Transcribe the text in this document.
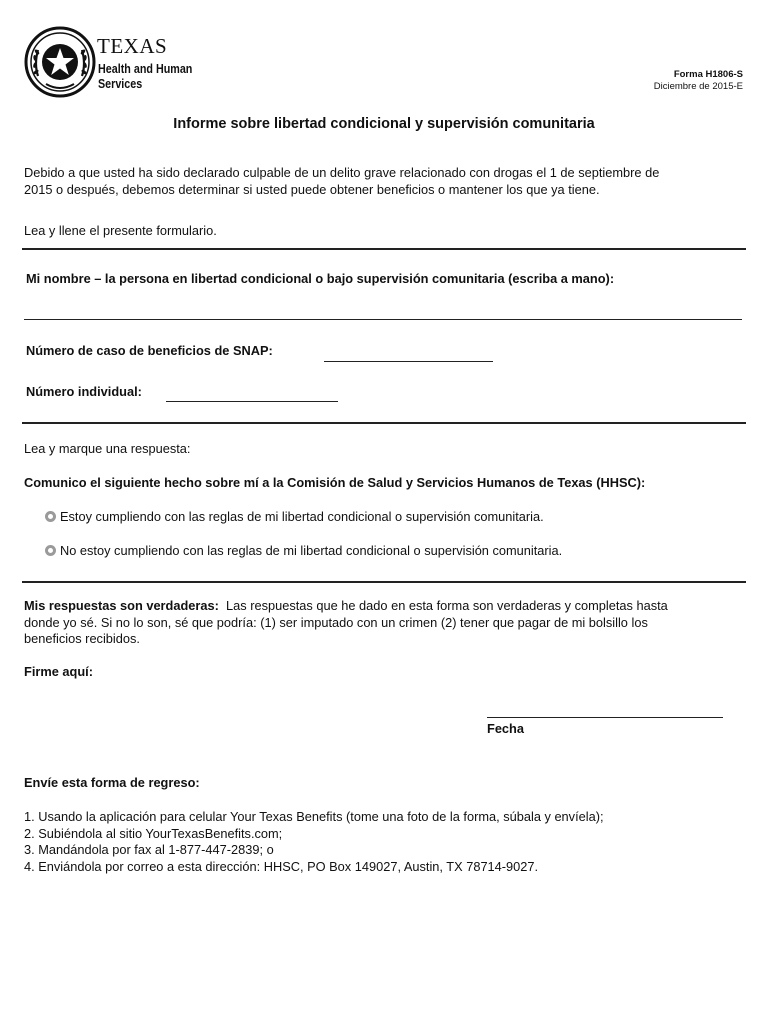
TEXAS
Health and Human
Services
Forma H1806-S
Diciembre de 2015-E
Informe sobre libertad condicional y supervisión comunitaria
Debido a que usted ha sido declarado culpable de un delito grave relacionado con drogas el 1 de septiembre de
2015 o después, debemos determinar si usted puede obtener beneficios o mantener los que ya tiene.
Lea y llene el presente formulario.
Mi nombre – la persona en libertad condicional o bajo supervisión comunitaria (escriba a mano):
Número de caso de beneficios de SNAP:
Número individual:
Lea y marque una respuesta:
Comunico el siguiente hecho sobre mí a la Comisión de Salud y Servicios Humanos de Texas (HHSC):
Estoy cumpliendo con las reglas de mi libertad condicional o supervisión comunitaria.
No estoy cumpliendo con las reglas de mi libertad condicional o supervisión comunitaria.
Mis respuestas son verdaderas: Las respuestas que he dado en esta forma son verdaderas y completas hasta
donde yo sé. Si no lo son, sé que podría: (1) ser imputado con un crimen (2) tener que pagar de mi bolsillo los
beneficios recibidos.
Firme aquí:
Fecha
Envíe esta forma de regreso:
1. Usando la aplicación para celular Your Texas Benefits (tome una foto de la forma, súbala y envíela);
2. Subiéndola al sitio YourTexasBenefits.com;
3. Mandándola por fax al 1-877-447-2839; o
4. Enviándola por correo a esta dirección: HHSC, PO Box 149027, Austin, TX 78714-9027.
